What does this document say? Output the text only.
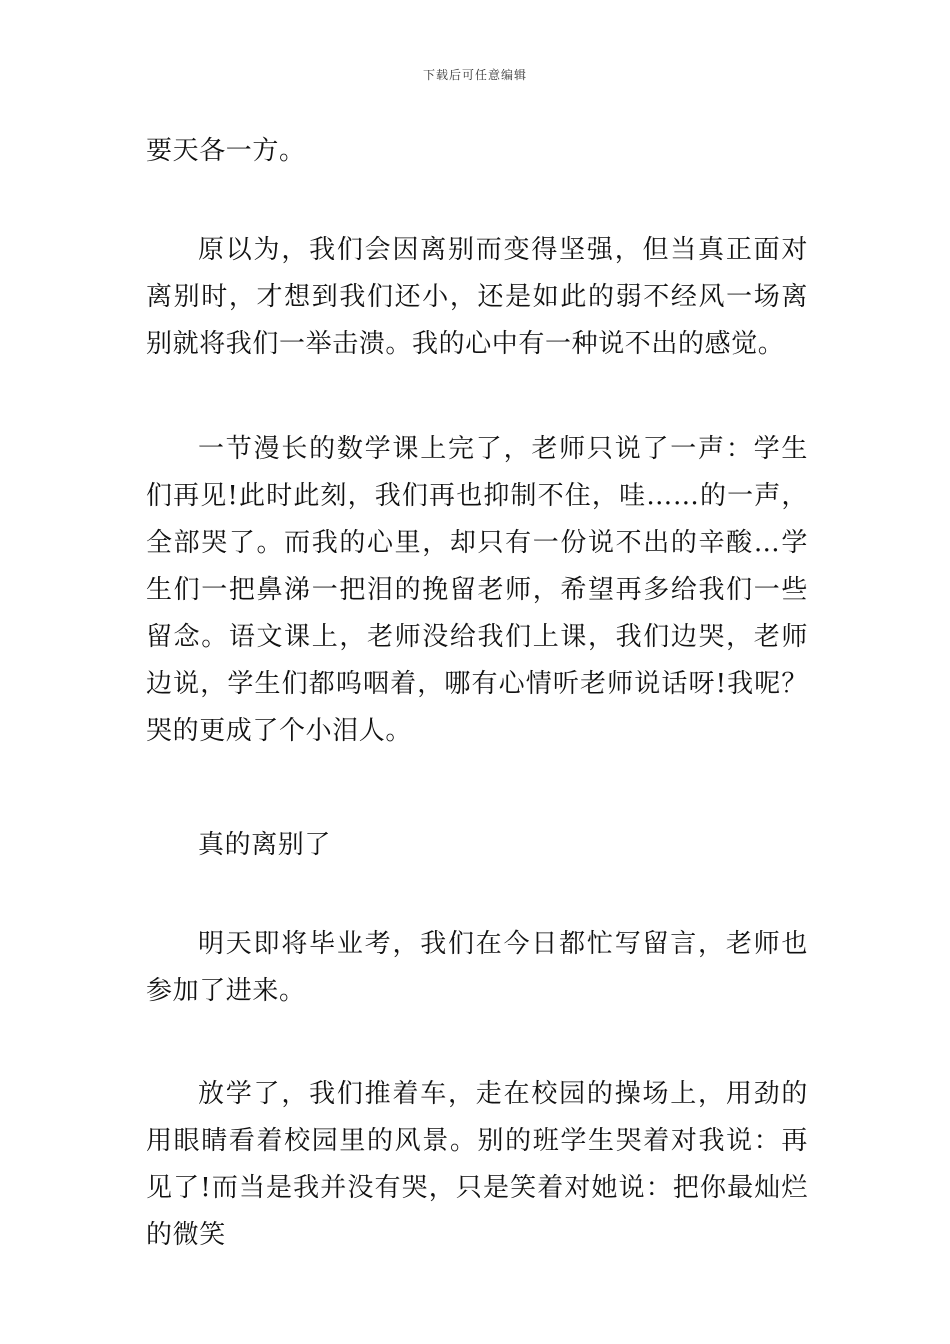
下载后可任意编辑

要天各一方。

原以为，我们会因离别而变得坚强，但当真正面对离别时，才想到我们还小，还是如此的弱不经风一场离别就将我们一举击溃。我的心中有一种说不出的感觉。

一节漫长的数学课上完了，老师只说了一声：学生们再见!此时此刻，我们再也抑制不住，哇……的一声，全部哭了。而我的心里，却只有一份说不出的辛酸…学生们一把鼻涕一把泪的挽留老师，希望再多给我们一些留念。语文课上，老师没给我们上课，我们边哭，老师边说，学生们都呜咽着，哪有心情听老师说话呀!我呢？哭的更成了个小泪人。

真的离别了

明天即将毕业考，我们在今日都忙写留言，老师也参加了进来。

放学了，我们推着车，走在校园的操场上，用劲的用眼睛看着校园里的风景。别的班学生哭着对我说：再见了!而当是我并没有哭，只是笑着对她说：把你最灿烂的微笑
